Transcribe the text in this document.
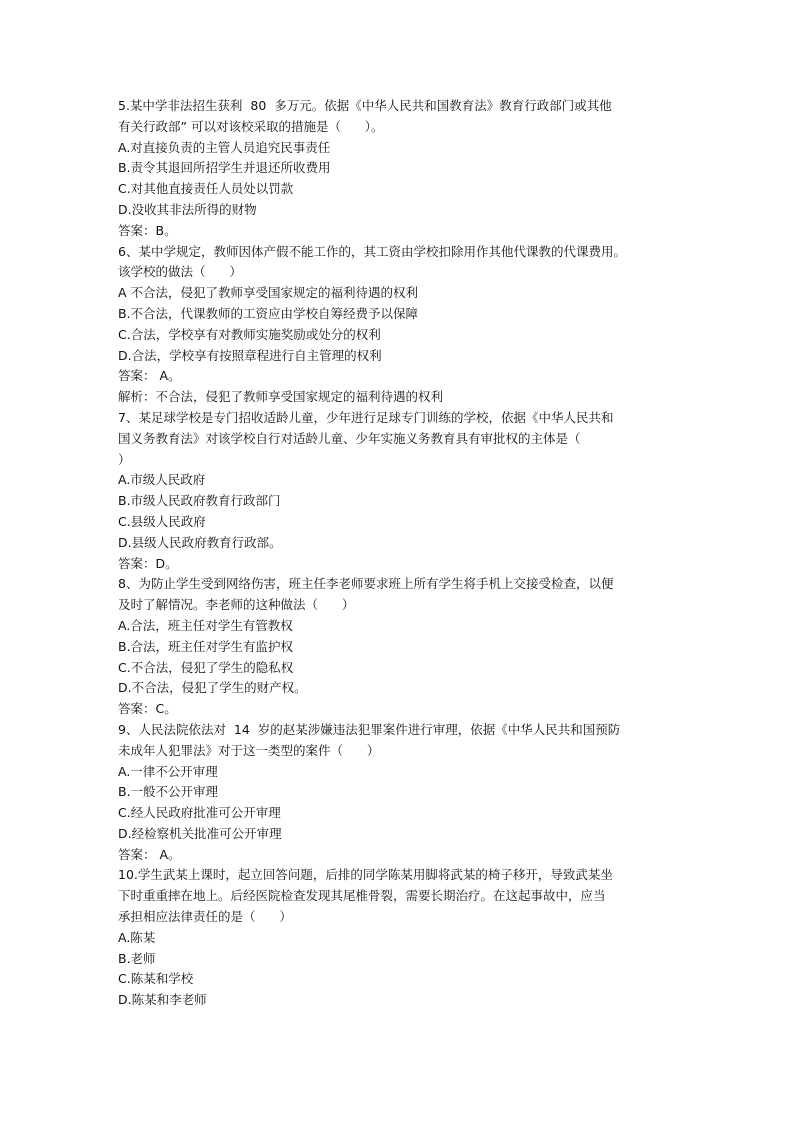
5.某中学非法招生获利  80  多万元。依据《中华人民共和国教育法》教育行政部门或其他
有关行政部” 可以对该校采取的措施是（      ）。
A.对直接负责的主管人员追究民事责任
B.责令其退回所招学生并退还所收费用
C.对其他直接责任人员处以罚款
D.没收其非法所得的财物
答案：B。
6、某中学规定，教师因体产假不能工作的，其工资由学校扣除用作其他代课教的代课费用。
该学校的做法（      ）
A 不合法，侵犯了教师享受国家规定的福利待遇的权利
B.不合法，代课教师的工资应由学校自筹经费予以保障
C.合法，学校享有对教师实施奖励或处分的权利
D.合法，学校享有按照章程进行自主管理的权利
答案： A。
解析：不合法，侵犯了教师享受国家规定的福利待遇的权利
7、某足球学校是专门招收适龄儿童，少年进行足球专门训练的学校，依据《中华人民共和
国义务教育法》对该学校自行对适龄儿童、少年实施义务教育具有审批权的主体是（
）
A.市级人民政府
B.市级人民政府教育行政部门
C.县级人民政府
D.县级人民政府教育行政部。
答案：D。
8、为防止学生受到网络伤害，班主任李老师要求班上所有学生将手机上交接受检查，以便
及时了解情况。李老师的这种做法（      ）
A.合法，班主任对学生有管教权
B.合法，班主任对学生有监护权
C.不合法，侵犯了学生的隐私权
D.不合法，侵犯了学生的财产权。
答案：C。
9、人民法院依法对  14  岁的赵某涉嫌违法犯罪案件进行审理，依据《中华人民共和国预防
未成年人犯罪法》对于这一类型的案件（      ）
A.一律不公开审理
B.一般不公开审理
C.经人民政府批准可公开审理
D.经检察机关批准可公开审理
答案： A。
10.学生武某上课时，起立回答问题，后排的同学陈某用脚将武某的椅子移开，导致武某坐
下时重重摔在地上。后经医院检查发现其尾椎骨裂，需要长期治疗。在这起事故中，应当
承担相应法律责任的是（      ）
A.陈某
B.老师
C.陈某和学校
D.陈某和李老师
